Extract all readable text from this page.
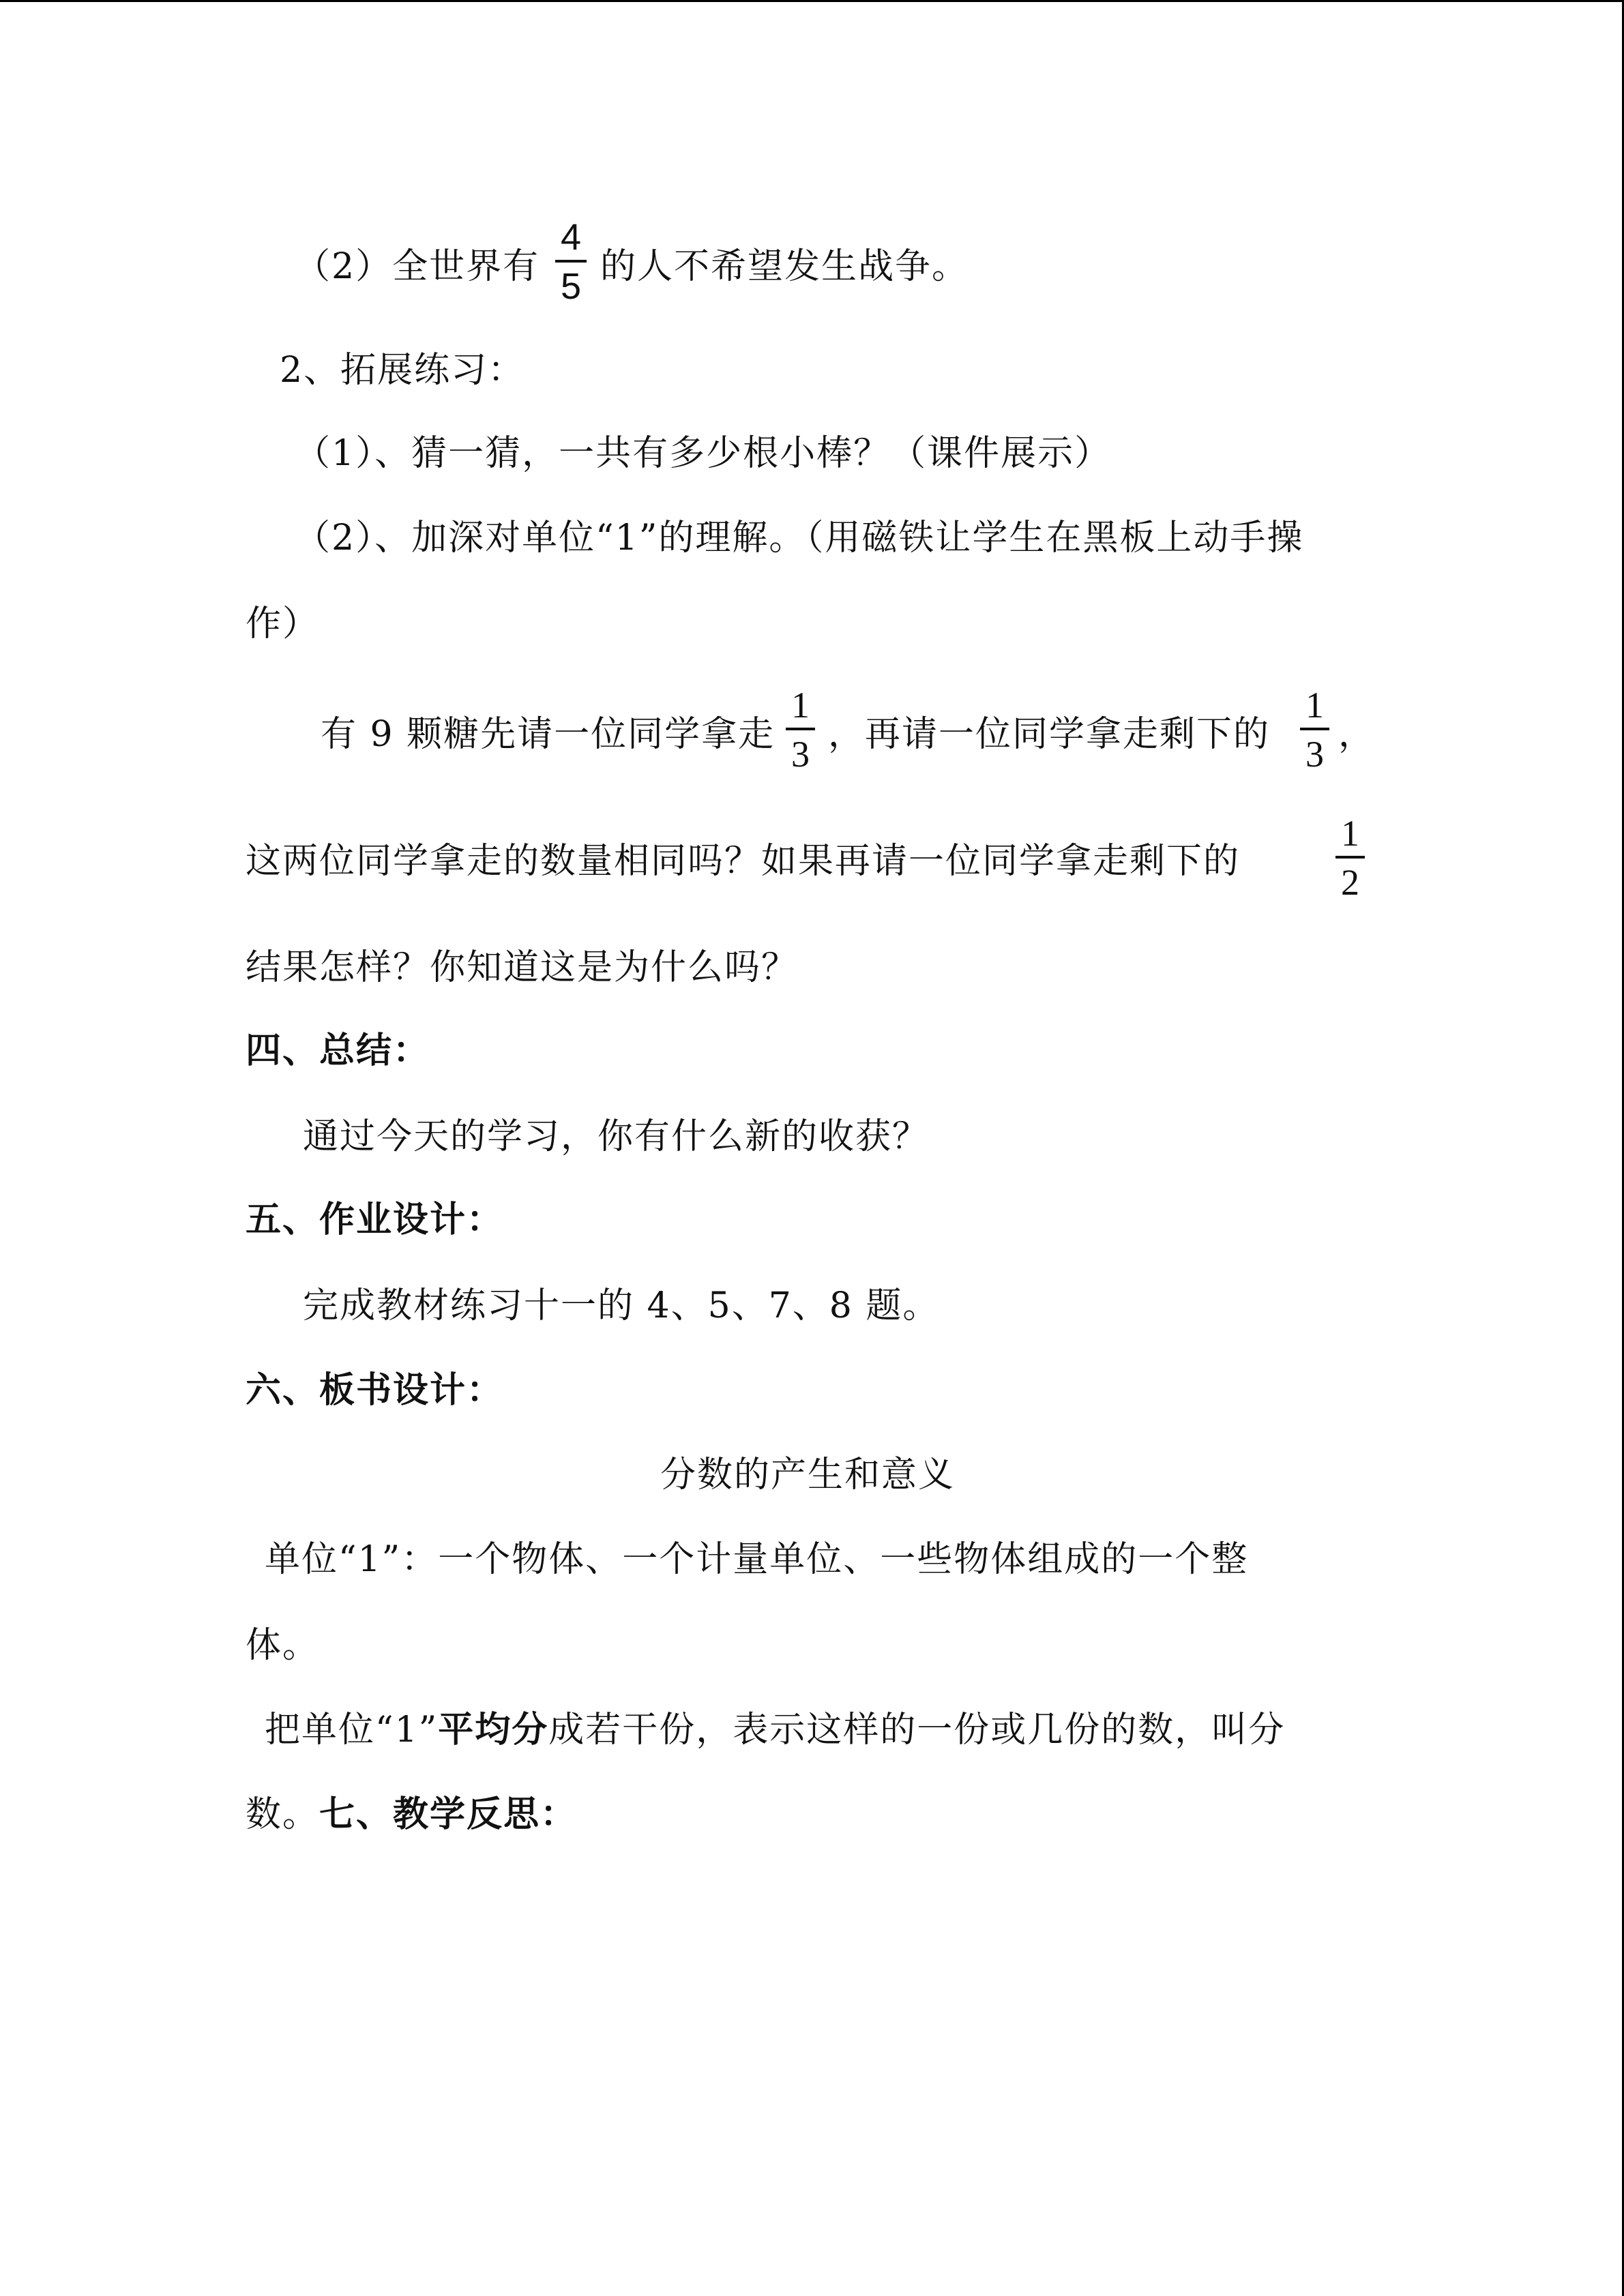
（2）全世界有
4
5 的人不希望发生战争。
2、拓展练习：
（1）、猜一猜，一共有多少根小棒？（课件展示）
（2）、加深对单位“1”的理解。（用磁铁让学生在黑板上动手操
作）
有 9 颗糖先请一位同学拿走
1
3 ，再请一位同学拿走剩下的
1
3 ，
这两位同学拿走的数量相同吗？如果再请一位同学拿走剩下的
1
2
结果怎样？你知道这是为什么吗？
四、总结：
通过今天的学习，你有什么新的收获？
五、作业设计：
完成教材练习十一的 4、5、7、8 题。
六、板书设计：
分数的产生和意义
单位“1”：一个物体、一个计量单位、一些物体组成的一个整
体。
把单位“1”平均分成若干份，表示这样的一份或几份的数，叫分
数。七、教学反思：
